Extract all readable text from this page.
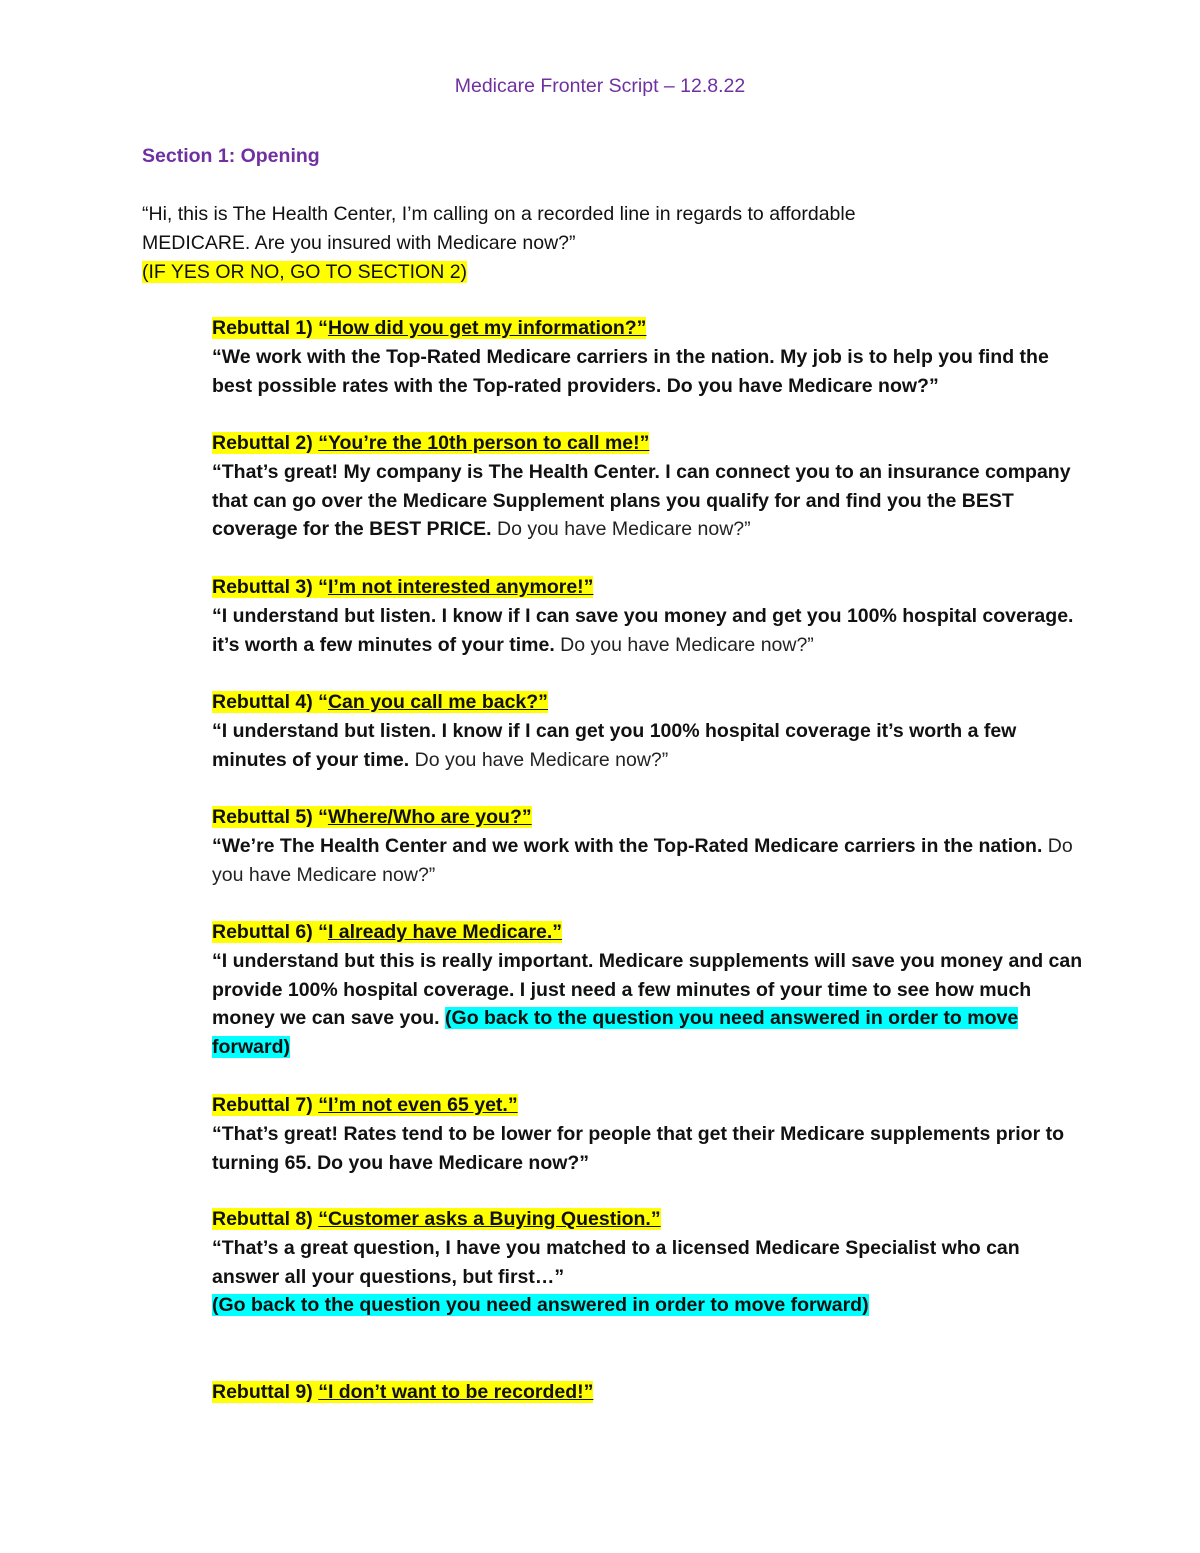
Medicare Fronter Script – 12.8.22
Section 1: Opening

“Hi, this is The Health Center, I’m calling on a recorded line in regards to affordable

MEDICARE. Are you insured with Medicare now?”

(IF YES OR NO, GO TO SECTION 2)

Rebuttal 1) “How did you get my information?”

“We work with the Top-Rated Medicare carriers in the nation. My job is to help you find the best possible rates with the Top-rated providers. Do you have Medicare now?”

Rebuttal 2) “You’re the 10th person to call me!”

“That’s great! My company is The Health Center. I can connect you to an insurance company that can go over the Medicare Supplement plans you qualify for and find you the BEST coverage for the BEST PRICE. Do you have Medicare now?”

Rebuttal 3) “I’m not interested anymore!”

“I understand but listen. I know if I can save you money and get you 100% hospital coverage. it’s worth a few minutes of your time. Do you have Medicare now?”

Rebuttal 4) “Can you call me back?”

“I understand but listen. I know if I can get you 100% hospital coverage it’s worth a few minutes of your time. Do you have Medicare now?”

Rebuttal 5) “Where/Who are you?”

“We’re The Health Center and we work with the Top-Rated Medicare carriers in the nation. Do you have Medicare now?”

Rebuttal 6) “I already have Medicare.”

“I understand but this is really important. Medicare supplements will save you money and can provide 100% hospital coverage. I just need a few minutes of your time to see how much money we can save you. (Go back to the question you need answered in order to move forward)

Rebuttal 7) “I’m not even 65 yet.”

“That’s great! Rates tend to be lower for people that get their Medicare supplements prior to turning 65. Do you have Medicare now?”

Rebuttal 8) “Customer asks a Buying Question.”

“That’s a great question, I have you matched to a licensed Medicare Specialist who can answer all your questions, but first…”

(Go back to the question you need answered in order to move forward)

Rebuttal 9) “I don’t want to be recorded!”
